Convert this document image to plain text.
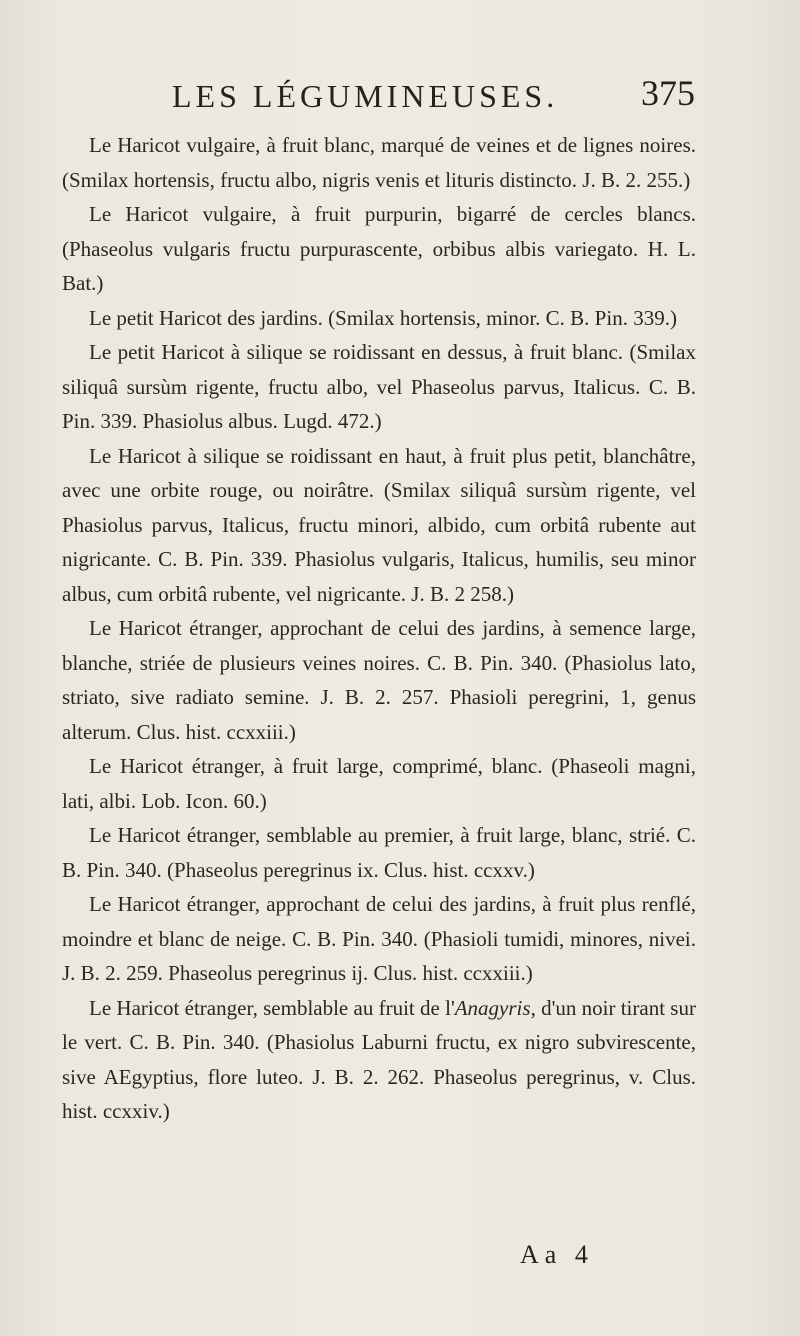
LES LÉGUMINEUSES. 375

Le Haricot vulgaire, à fruit blanc, marqué de veines et de lignes noires. (Smilax hortensis, fructu albo, nigris venis et lituris distincto. J. B. 2. 255.)

Le Haricot vulgaire, à fruit purpurin, bigarré de cercles blancs. (Phaseolus vulgaris fructu purpurascente, orbibus albis variegato. H. L. Bat.)

Le petit Haricot des jardins. (Smilax hortensis, minor. C. B. Pin. 339.)

Le petit Haricot à silique se roidissant en dessus, à fruit blanc. (Smilax siliquâ sursùm rigente, fructu albo, vel Phaseolus parvus, Italicus. C. B. Pin. 339. Phasiolus albus. Lugd. 472.)

Le Haricot à silique se roidissant en haut, à fruit plus petit, blanchâtre, avec une orbite rouge, ou noirâtre. (Smilax siliquâ sursùm rigente, vel Phasiolus parvus, Italicus, fructu minori, albido, cum orbitâ rubente aut nigricante. C. B. Pin. 339. Phasiolus vulgaris, Italicus, humilis, seu minor albus, cum orbitâ rubente, vel nigricante. J. B. 2 258.)

Le Haricot étranger, approchant de celui des jardins, à semence large, blanche, striée de plusieurs veines noires. C. B. Pin. 340. (Phasiolus lato, striato, sive radiato semine. J. B. 2. 257. Phasioli peregrini, 1, genus alterum. Clus. hist. ccxxiii.)

Le Haricot étranger, à fruit large, comprimé, blanc. (Phaseoli magni, lati, albi. Lob. Icon. 60.)

Le Haricot étranger, semblable au premier, à fruit large, blanc, strié. C. B. Pin. 340. (Phaseolus peregrinus ix. Clus. hist. ccxxv.)

Le Haricot étranger, approchant de celui des jardins, à fruit plus renflé, moindre et blanc de neige. C. B. Pin. 340. (Phasioli tumidi, minores, nivei. J. B. 2. 259. Phaseolus peregrinus ij. Clus. hist. ccxxiii.)

Le Haricot étranger, semblable au fruit de l'Anagyris, d'un noir tirant sur le vert. C. B. Pin. 340. (Phasiolus Laburni fructu, ex nigro subvirescente, sive AEgyptius, flore luteo. J. B. 2. 262. Phaseolus peregrinus, v. Clus. hist. ccxxiv.)

Aa 4
